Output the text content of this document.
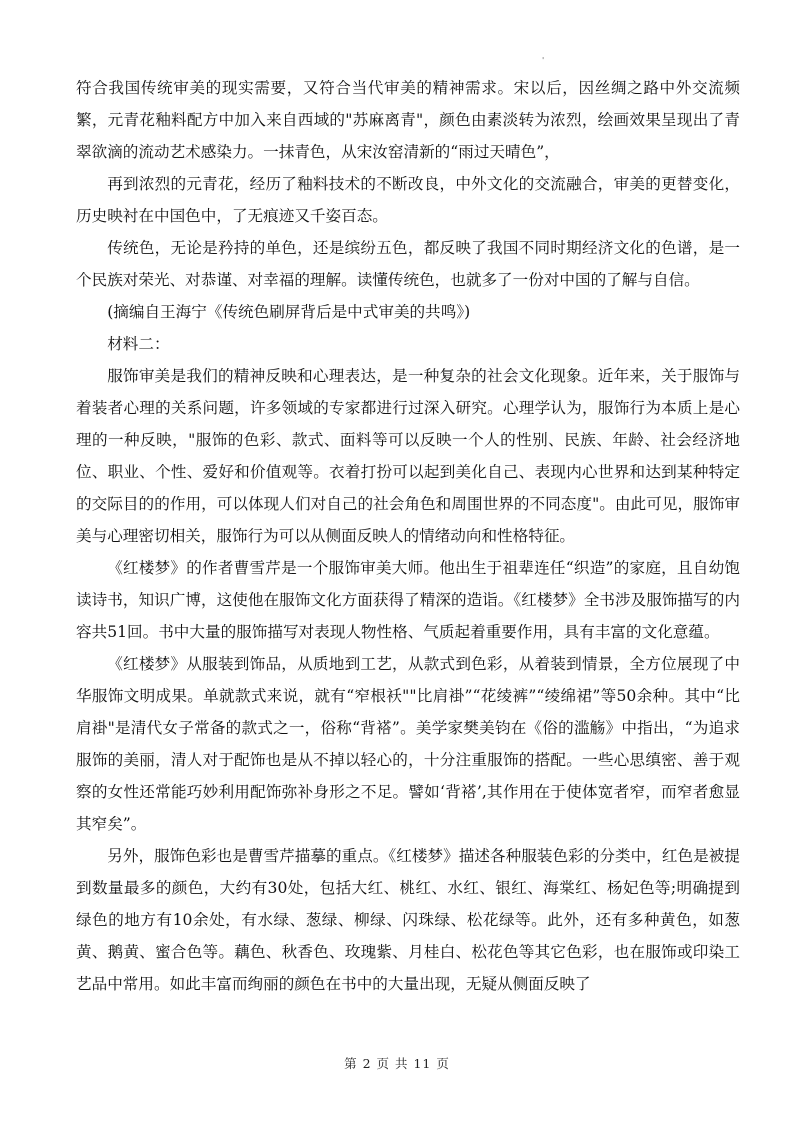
'

符合我国传统审美的现实需要，又符合当代审美的精神需求。宋以后，因丝绸之路中外交流频繁，元青花釉料配方中加入来自西域的"苏麻离青"，颜色由素淡转为浓烈，绘画效果呈现出了青翠欲滴的流动艺术感染力。一抹青色，从宋汝窑清新的“雨过天晴色”，

再到浓烈的元青花，经历了釉料技术的不断改良，中外文化的交流融合，审美的更替变化，历史映衬在中国色中，了无痕迹又千姿百态。

传统色，无论是矜持的单色，还是缤纷五色，都反映了我国不同时期经济文化的色谱，是一个民族对荣光、对恭谨、对幸福的理解。读懂传统色，也就多了一份对中国的了解与自信。

(摘编自王海宁《传统色刷屏背后是中式审美的共鸣》)

材料二：

服饰审美是我们的精神反映和心理表达，是一种复杂的社会文化现象。近年来，关于服饰与着装者心理的关系问题，许多领域的专家都进行过深入研究。心理学认为，服饰行为本质上是心理的一种反映，"服饰的色彩、款式、面料等可以反映一个人的性别、民族、年龄、社会经济地位、职业、个性、爱好和价值观等。衣着打扮可以起到美化自己、表现内心世界和达到某种特定的交际目的的作用，可以体现人们对自己的社会角色和周围世界的不同态度"。由此可见，服饰审美与心理密切相关，服饰行为可以从侧面反映人的情绪动向和性格特征。

《红楼梦》的作者曹雪芹是一个服饰审美大师。他出生于祖辈连任“织造”的家庭，且自幼饱读诗书，知识广博，这使他在服饰文化方面获得了精深的造诣。《红楼梦》全书涉及服饰描写的内容共51回。书中大量的服饰描写对表现人物性格、气质起着重要作用，具有丰富的文化意蕴。

《红楼梦》从服装到饰品，从质地到工艺，从款式到色彩，从着装到情景，全方位展现了中华服饰文明成果。单就款式来说，就有“窄根袄""比肩褂”“花绫裤”“绫绵裙”等50余种。其中“比肩褂"是清代女子常备的款式之一，俗称“背褡”。美学家樊美钧在《俗的滥觞》中指出，“为追求服饰的美丽，清人对于配饰也是从不掉以轻心的，十分注重服饰的搭配。一些心思缜密、善于观察的女性还常能巧妙利用配饰弥补身形之不足。譬如‘背褡’,其作用在于使体宽者窄，而窄者愈显其窄矣”。

另外，服饰色彩也是曹雪芹描摹的重点。《红楼梦》描述各种服装色彩的分类中，红色是被提到数量最多的颜色，大约有30处，包括大红、桃红、水红、银红、海棠红、杨妃色等;明确提到绿色的地方有10余处，有水绿、葱绿、柳绿、闪珠绿、松花绿等。此外，还有多种黄色，如葱黄、鹅黄、蜜合色等。藕色、秋香色、玫瑰紫、月桂白、松花色等其它色彩，也在服饰或印染工艺品中常用。如此丰富而绚丽的颜色在书中的大量出现，无疑从侧面反映了

第 2 页 共 11 页
